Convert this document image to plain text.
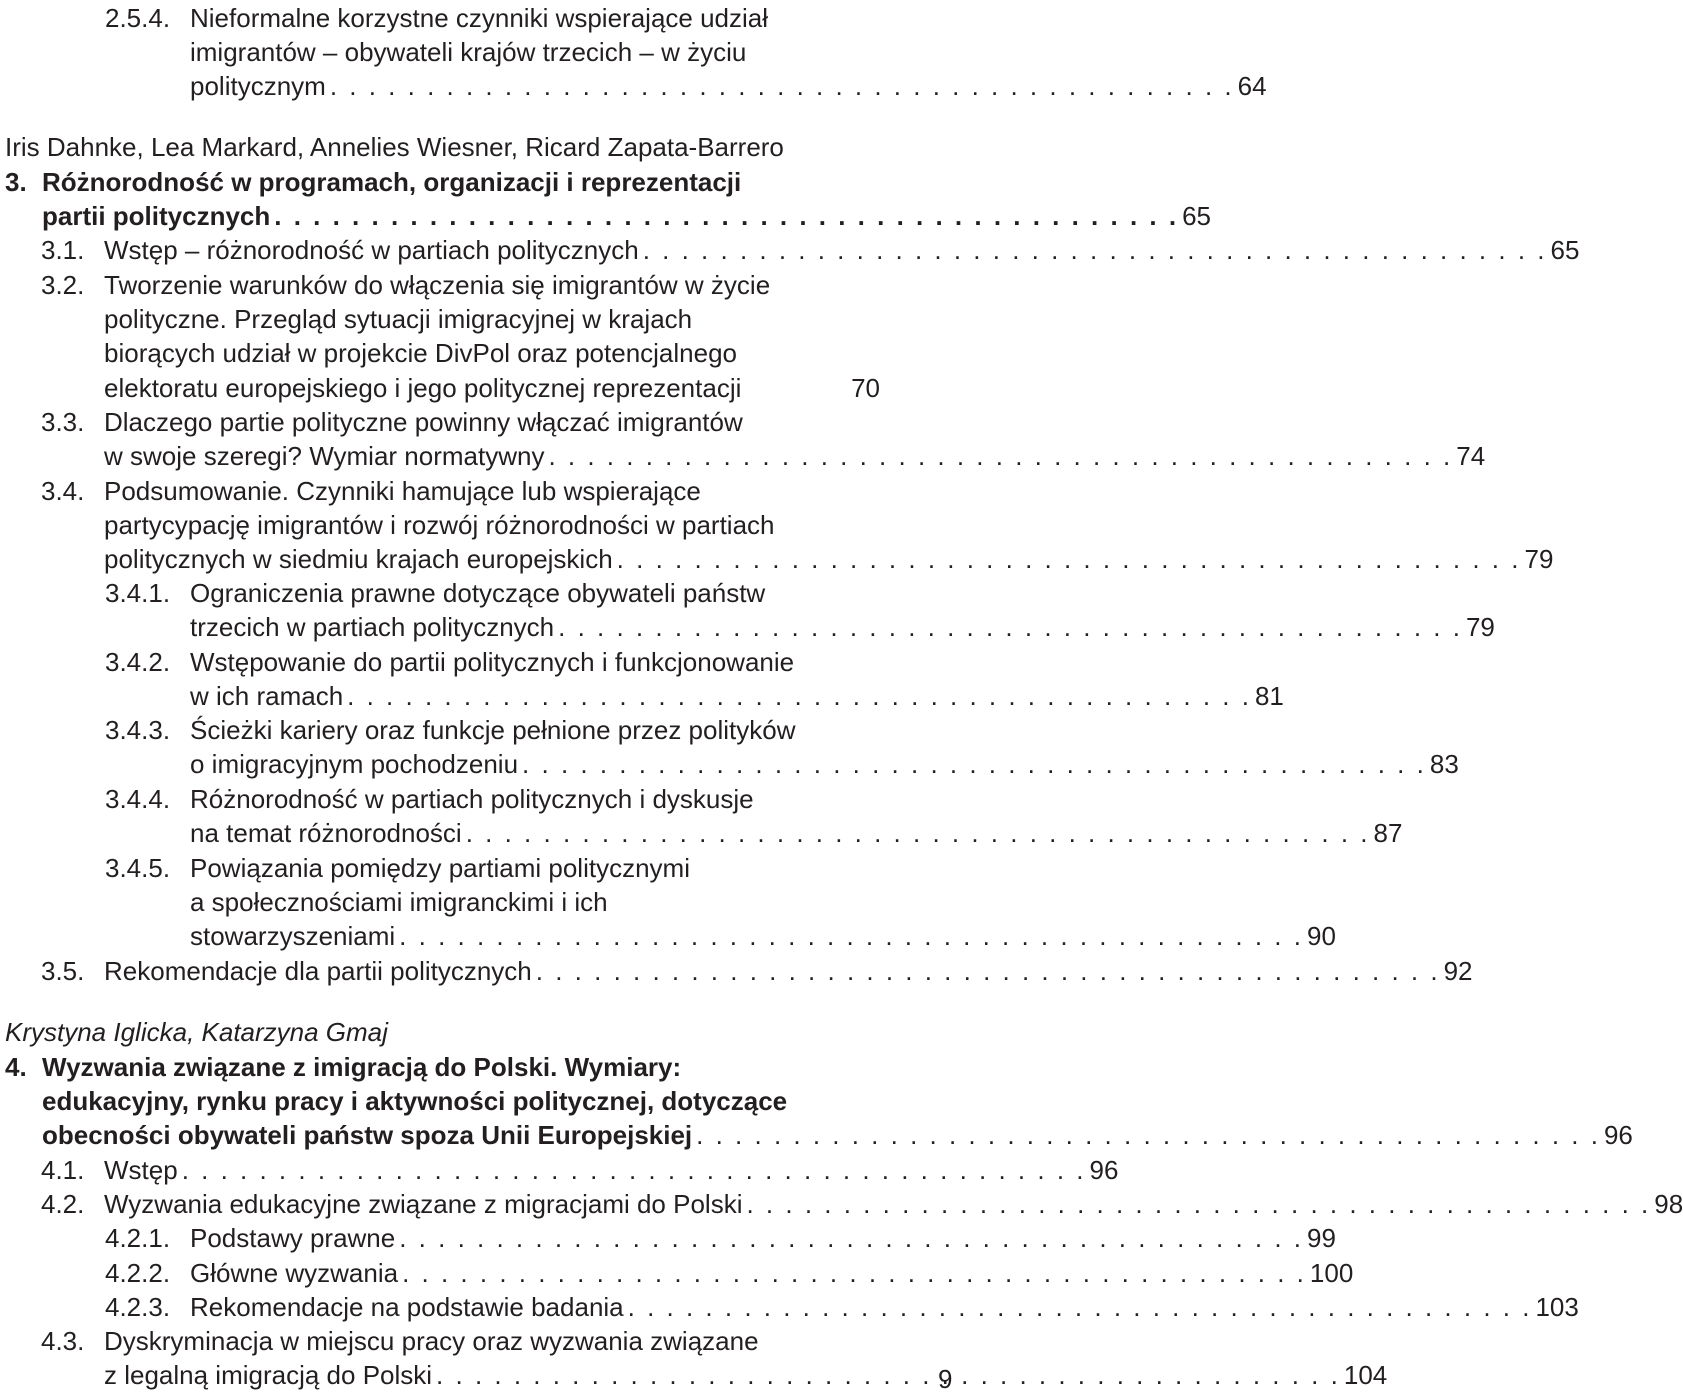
2.5.4. Nieformalne korzystne czynniki wspierające udział
imigrantów – obywateli krajów trzecich – w życiu
politycznym . . .	64
Iris Dahnke, Lea Markard, Annelies Wiesner, Ricard Zapata-Barrero
3. Różnorodność w programach, organizacji i reprezentacji
partii politycznych . . .	65
3.1. Wstęp – różnorodność w partiach politycznych . . .	65
3.2. Tworzenie warunków do włączenia się imigrantów w życie
polityczne. Przegląd sytuacji imigracyjnej w krajach
biorących udział w projekcie DivPol oraz potencjalnego
elektoratu europejskiego i jego politycznej reprezentacji	70
3.3. Dlaczego partie polityczne powinny włączać imigrantów
w swoje szeregi? Wymiar normatywny . . .	74
3.4. Podsumowanie. Czynniki hamujące lub wspierające
partycypację imigrantów i rozwój różnorodności w partiach
politycznych w siedmiu krajach europejskich . . .	79
3.4.1. Ograniczenia prawne dotyczące obywateli państw
trzecich w partiach politycznych . . .	79
3.4.2. Wstępowanie do partii politycznych i funkcjonowanie
w ich ramach . . .	81
3.4.3. Ścieżki kariery oraz funkcje pełnione przez polityków
o imigracyjnym pochodzeniu . . .	83
3.4.4. Różnorodność w partiach politycznych i dyskusje
na temat różnorodności . . .	87
3.4.5. Powiązania pomiędzy partiami politycznymi
a społecznościami imigranckimi i ich
stowarzyszeniami . . .	90
3.5. Rekomendacje dla partii politycznych . . .	92
Krystyna Iglicka, Katarzyna Gmaj
4. Wyzwania związane z imigracją do Polski. Wymiary:
edukacyjny, rynku pracy i aktywności politycznej, dotyczące
obecności obywateli państw spoza Unii Europejskiej . . .	96
4.1. Wstęp . . .	96
4.2. Wyzwania edukacyjne związane z migracjami do Polski . . .	98
4.2.1. Podstawy prawne . . .	99
4.2.2. Główne wyzwania . . .	100
4.2.3. Rekomendacje na podstawie badania . . .	103
4.3. Dyskryminacja w miejscu pracy oraz wyzwania związane
z legalną imigracją do Polski . . .	104
9
